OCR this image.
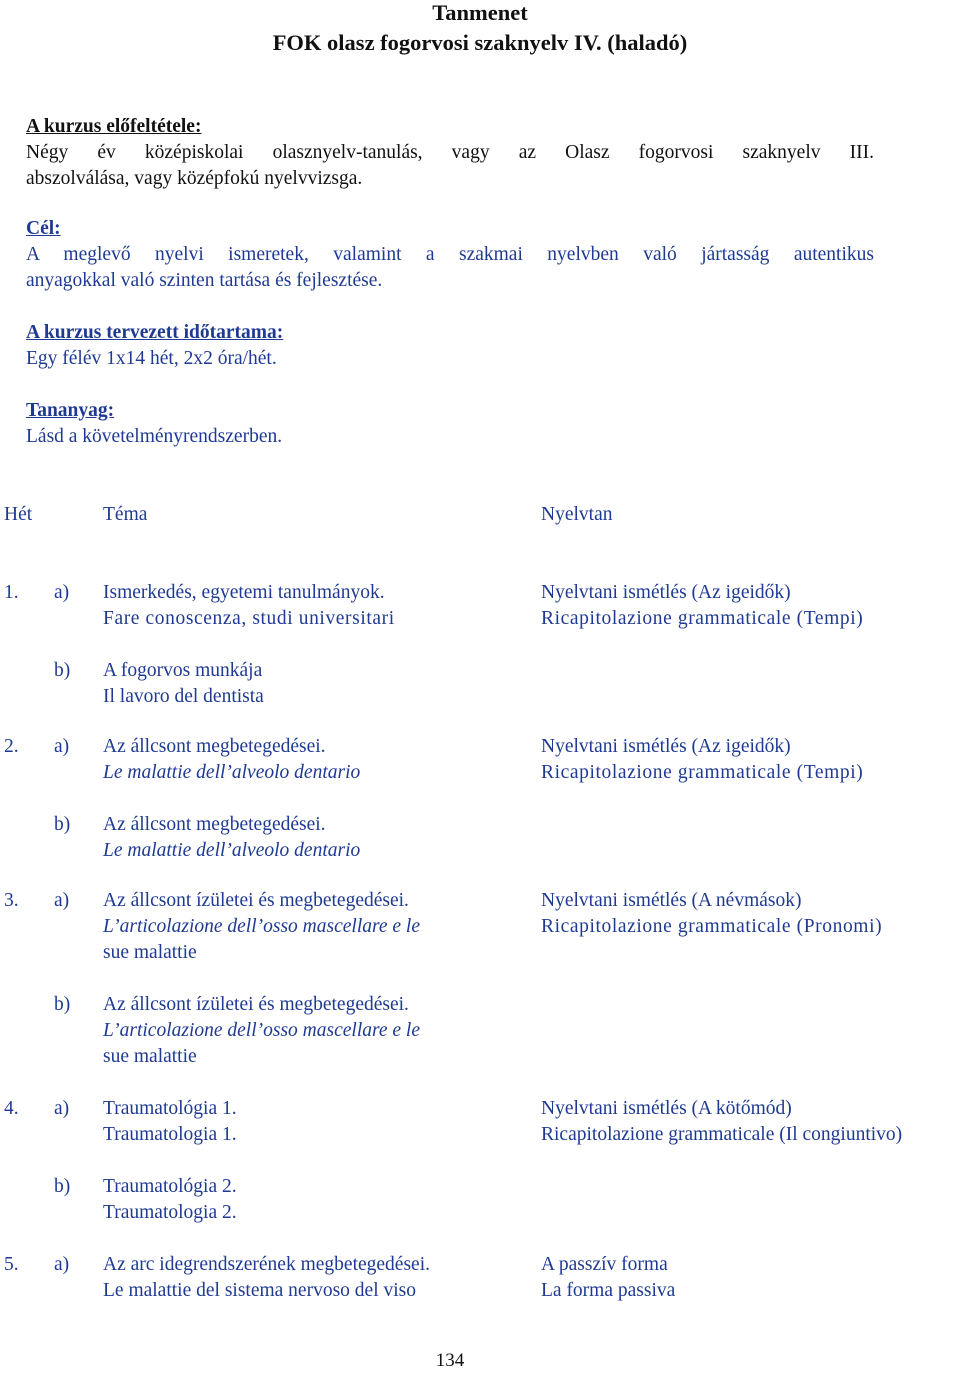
Tanmenet
FOK olasz fogorvosi szaknyelv IV. (haladó)
A kurzus előfeltétele:
Négy év középiskolai olasznyelv-tanulás, vagy az Olasz fogorvosi szaknyelv III.
abszolválása, vagy középfokú nyelvvizsga.
Cél:
A meglevő nyelvi ismeretek, valamint a szakmai nyelvben való jártasság autentikus
anyagokkal való szinten tartása és fejlesztése.
A kurzus tervezett időtartama:
Egy félév 1x14 hét, 2x2 óra/hét.
Tananyag:
Lásd a követelményrendszerben.
Hét	Téma	Nyelvtan
1. a) Ismerkedés, egyetemi tanulmányok.
Fare conoscenza, studi universitari
Nyelvtani ismétlés (Az igeidők)
Ricapitolazione grammaticale (Tempi)
b) A fogorvos munkája
Il lavoro del dentista
2. a) Az állcsont megbetegedései.
Le malattie dell’alveolo dentario
Nyelvtani ismétlés (Az igeidők)
Ricapitolazione grammaticale (Tempi)
b) Az állcsont megbetegedései.
Le malattie dell’alveolo dentario
3. a) Az állcsont ízületei és megbetegedései.
L’articolazione dell’osso mascellare e le
sue malattie
Nyelvtani ismétlés (A névmások)
Ricapitolazione grammaticale (Pronomi)
b) Az állcsont ízületei és megbetegedései.
L’articolazione dell’osso mascellare e le
sue malattie
4. a) Traumatológia 1.
Traumatologia 1.
Nyelvtani ismétlés (A kötőmód)
Ricapitolazione grammaticale (Il congiuntivo)
b) Traumatológia 2.
Traumatologia 2.
5. a) Az arc idegrendszerének megbetegedései.
Le malattie del sistema nervoso del viso
A passzív forma
La forma passiva
134
